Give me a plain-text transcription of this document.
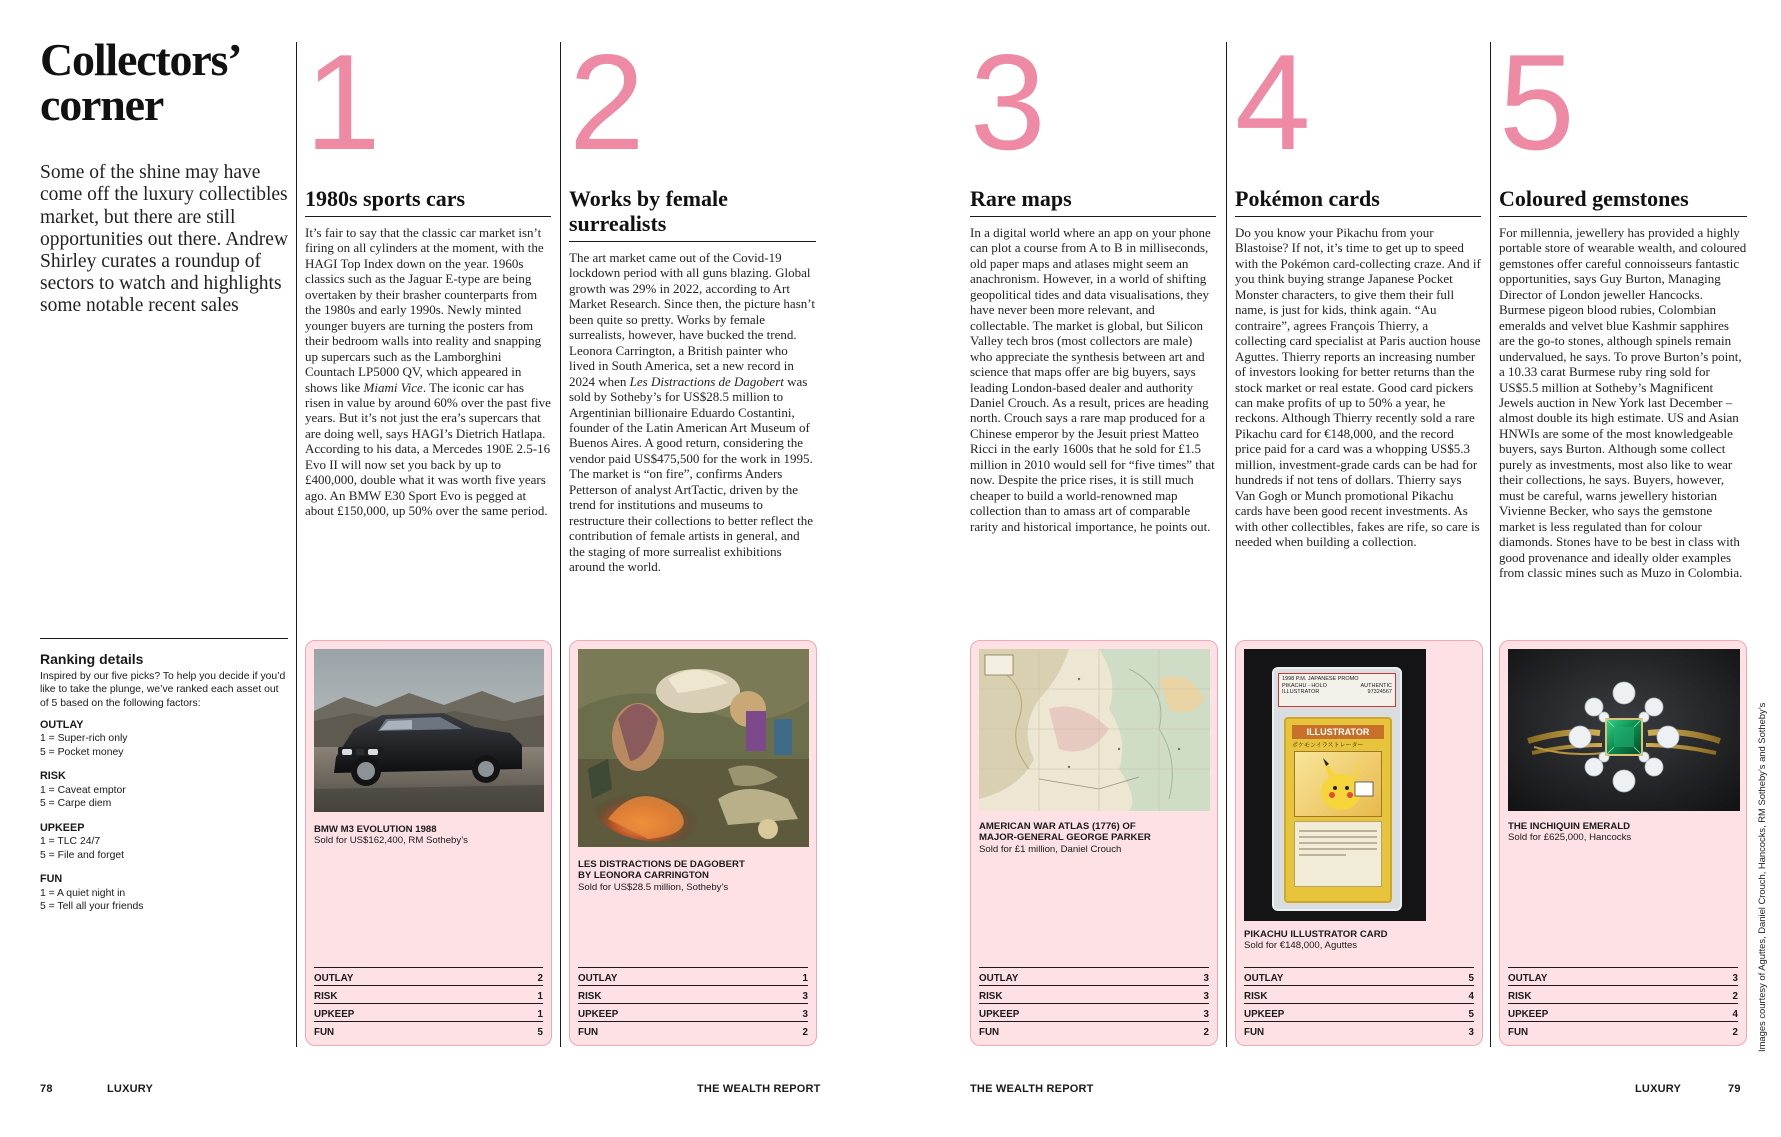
Collectors’
corner

Some of the shine may have come off the luxury collectibles market, but there are still opportunities out there. Andrew Shirley curates a roundup of sectors to watch and highlights some notable recent sales

Ranking details

Inspired by our five picks? To help you decide if you’d like to take the plunge, we’ve ranked each asset out of 5 based on the following factors:

OUTLAY
1 = Super-rich only
5 = Pocket money
RISK
1 = Caveat emptor
5 = Carpe diem
UPKEEP
1 = TLC 24/7
5 = File and forget
FUN
1 = A quiet night in
5 = Tell all your friends
1
1980s sports cars

It’s fair to say that the classic car market isn’t firing on all cylinders at the moment, with the HAGI Top Index down on the year. 1960s classics such as the Jaguar E-type are being overtaken by their brasher counterparts from the 1980s and early 1990s. Newly minted younger buyers are turning the posters from their bedroom walls into reality and snapping up supercars such as the Lamborghini Countach LP5000 QV, which appeared in shows like Miami Vice. The iconic car has risen in value by around 60% over the past five years. But it’s not just the era’s supercars that are doing well, says HAGI’s Dietrich Hatlapa. According to his data, a Mercedes 190E 2.5-16 Evo II will now set you back by up to £400,000, double what it was worth five years ago. An BMW E30 Sport Evo is pegged at about £150,000, up 50% over the same period.

2
Works by female surrealists

The art market came out of the Covid-19 lockdown period with all guns blazing. Global growth was 29% in 2022, according to Art Market Research. Since then, the picture hasn’t been quite so pretty. Works by female surrealists, however, have bucked the trend. Leonora Carrington, a British painter who lived in South America, set a new record in 2024 when Les Distractions de Dagobert was sold by Sotheby’s for US$28.5 million to Argentinian billionaire Eduardo Costantini, founder of the Latin American Art Museum of Buenos Aires. A good return, considering the vendor paid US$475,500 for the work in 1995. The market is “on fire”, confirms Anders Petterson of analyst ArtTactic, driven by the trend for institutions and museums to restructure their collections to better reflect the contribution of female artists in general, and the staging of more surrealist exhibitions around the world.

3
Rare maps

In a digital world where an app on your phone can plot a course from A to B in milliseconds, old paper maps and atlases might seem an anachronism. However, in a world of shifting geopolitical tides and data visualisations, they have never been more relevant, and collectable. The market is global, but Silicon Valley tech bros (most collectors are male) who appreciate the synthesis between art and science that maps offer are big buyers, says leading London-based dealer and authority Daniel Crouch. As a result, prices are heading north. Crouch says a rare map produced for a Chinese emperor by the Jesuit priest Matteo Ricci in the early 1600s that he sold for £1.5 million in 2010 would sell for “five times” that now. Despite the price rises, it is still much cheaper to build a world-renowned map collection than to amass art of comparable rarity and historical importance, he points out.

4
Pokémon cards

Do you know your Pikachu from your Blastoise? If not, it’s time to get up to speed with the Pokémon card-collecting craze. And if you think buying strange Japanese Pocket Monster characters, to give them their full name, is just for kids, think again. “Au contraire”, agrees François Thierry, a collecting card specialist at Paris auction house Aguttes. Thierry reports an increasing number of investors looking for better returns than the stock market or real estate. Good card pickers can make profits of up to 50% a year, he reckons. Although Thierry recently sold a rare Pikachu card for €148,000, and the record price paid for a card was a whopping US$5.3 million, investment-grade cards can be had for hundreds if not tens of dollars. Thierry says Van Gogh or Munch promotional Pikachu cards have been good recent investments. As with other collectibles, fakes are rife, so care is needed when building a collection.

5
Coloured gemstones

For millennia, jewellery has provided a highly portable store of wearable wealth, and coloured gemstones offer careful connoisseurs fantastic opportunities, says Guy Burton, Managing Director of London jeweller Hancocks. Burmese pigeon blood rubies, Colombian emeralds and velvet blue Kashmir sapphires are the go-to stones, although spinels remain undervalued, he says. To prove Burton’s point, a 10.33 carat Burmese ruby ring sold for US$5.5 million at Sotheby’s Magnificent Jewels auction in New York last December – almost double its high estimate. US and Asian HNWIs are some of the most knowledgeable buyers, says Burton. Although some collect purely as investments, most also like to wear their collections, he says. Buyers, however, must be careful, warns jewellery historian Vivienne Becker, who says the gemstone market is less regulated than for colour diamonds. Stones have to be best in class with good provenance and ideally older examples from classic mines such as Muzo in Colombia.

BMW M3 EVOLUTION 1988
Sold for US$162,400, RM Sotheby’s
OUTLAY	2
RISK	1
UPKEEP	1
FUN	5
LES DISTRACTIONS DE DAGOBERT
BY LEONORA CARRINGTON
Sold for US$28.5 million, Sotheby’s
OUTLAY	1
RISK	3
UPKEEP	3
FUN	2
AMERICAN WAR ATLAS (1776) OF
MAJOR-GENERAL GEORGE PARKER
Sold for £1 million, Daniel Crouch
OUTLAY	3
RISK	3
UPKEEP	3
FUN	2
1998 P.M. JAPANESE PROMO
PIKACHU - HOLO	AUTHENTIC
ILLUSTRATOR	97324567
ILLUSTRATOR
ポケモンイラストレーター
PIKACHU ILLUSTRATOR CARD
Sold for €148,000, Aguttes
OUTLAY	5
RISK	4
UPKEEP	5
FUN	3
THE INCHIQUIN EMERALD
Sold for £625,000, Hancocks
OUTLAY	3
RISK	2
UPKEEP	4
FUN	2
78	LUXURY	THE WEALTH REPORT	THE WEALTH REPORT	LUXURY	79
Images courtesy of Aguttes, Daniel Crouch, Hancocks, RM Sotheby’s and Sotheby’s
